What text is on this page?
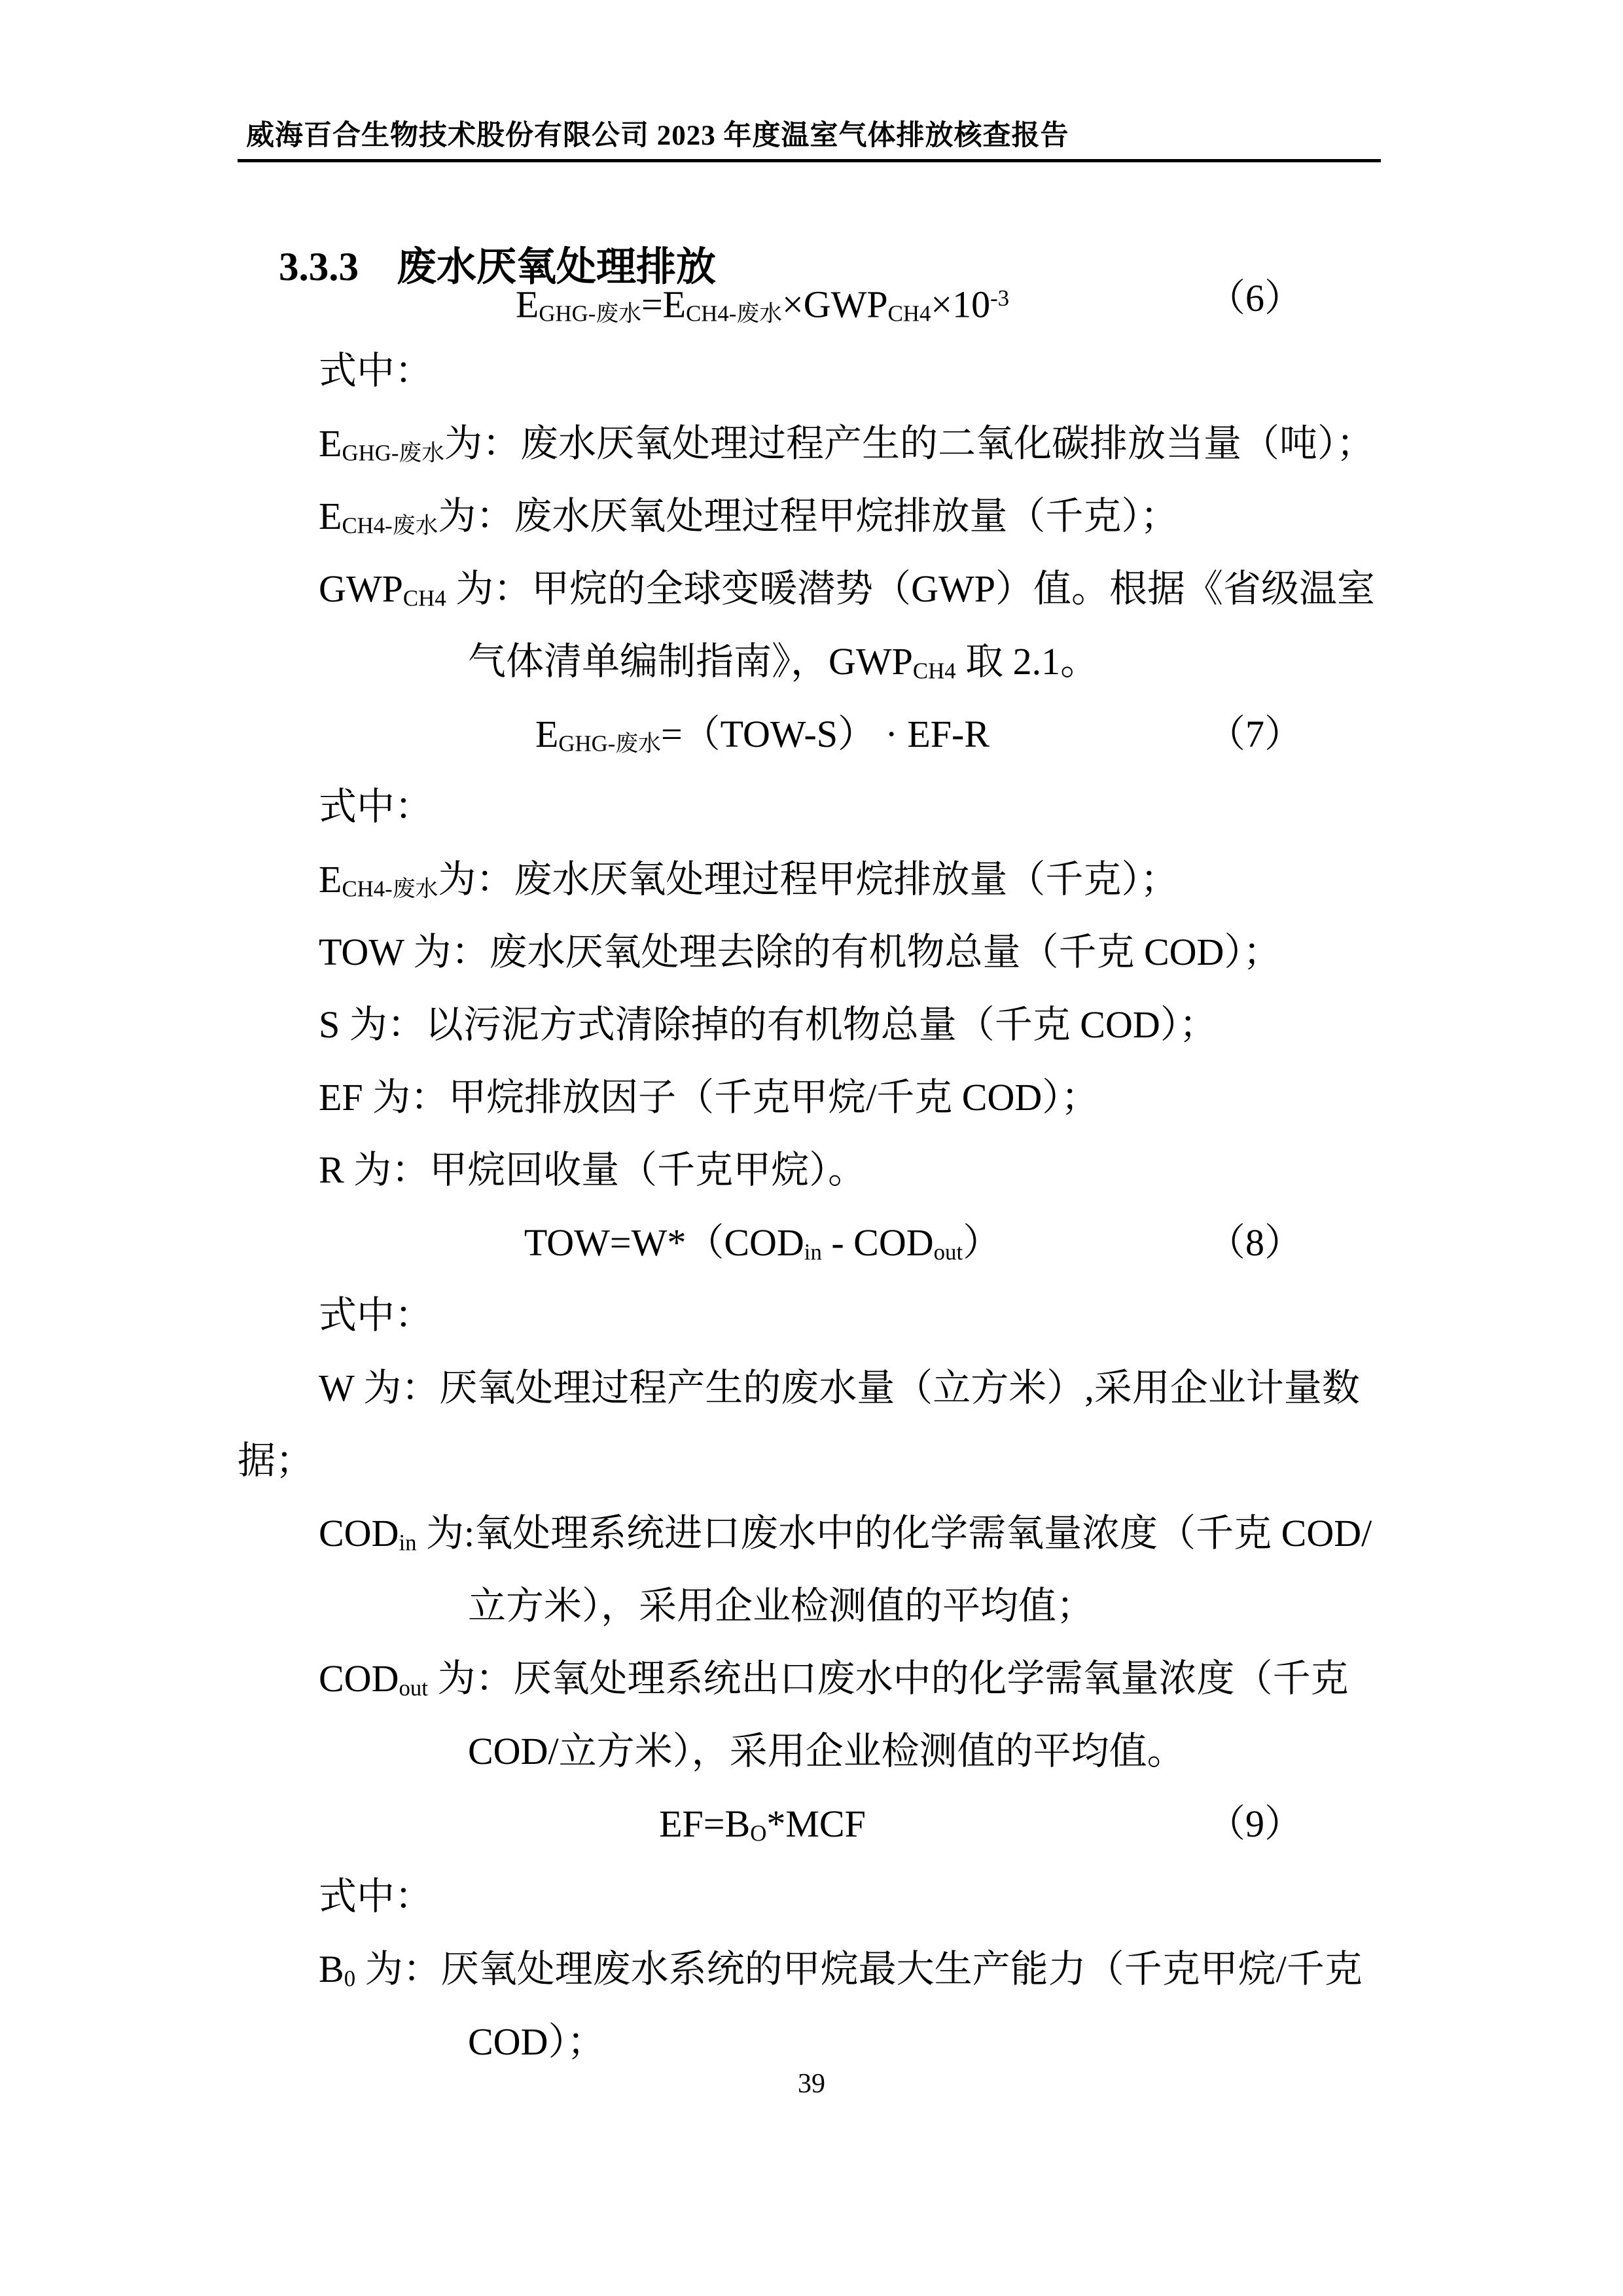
威海百合生物技术股份有限公司 2023 年度温室气体排放核查报告

3.3.3 废水厌氧处理排放

EGHG-废水=ECH4-废水$\times GWPCH4\times 10^{-3}$	（6）
式中：
EGHG-废水为：废水厌氧处理过程产生的二氧化碳排放当量（吨）；
ECH4-废水为：废水厌氧处理过程甲烷排放量（千克）；
GWPCH4 为：甲烷的全球变暖潜势（GWP）值。根据《省级温室
气体清单编制指南》，GWPCH4 取 2.1。
EGHG-废水=（TOW-S） · EF-R	（7）
式中：
ECH4-废水为：废水厌氧处理过程甲烷排放量（千克）；
TOW 为：废水厌氧处理去除的有机物总量（千克 COD）；
S 为：以污泥方式清除掉的有机物总量（千克 COD）；
EF 为：甲烷排放因子（千克甲烷/千克 COD）；
R 为：甲烷回收量（千克甲烷）。
TOW=W*（CODin - CODout）	（8）
式中：
W 为：厌氧处理过程产生的废水量（立方米）,采用企业计量数
据；
CODin 为:氧处理系统进口废水中的化学需氧量浓度（千克 COD/
立方米），采用企业检测值的平均值；
CODout 为：厌氧处理系统出口废水中的化学需氧量浓度（千克
COD/立方米），采用企业检测值的平均值。
EF=BO*MCF	（9）
式中：
B0 为：厌氧处理废水系统的甲烷最大生产能力（千克甲烷/千克
COD）；
39
